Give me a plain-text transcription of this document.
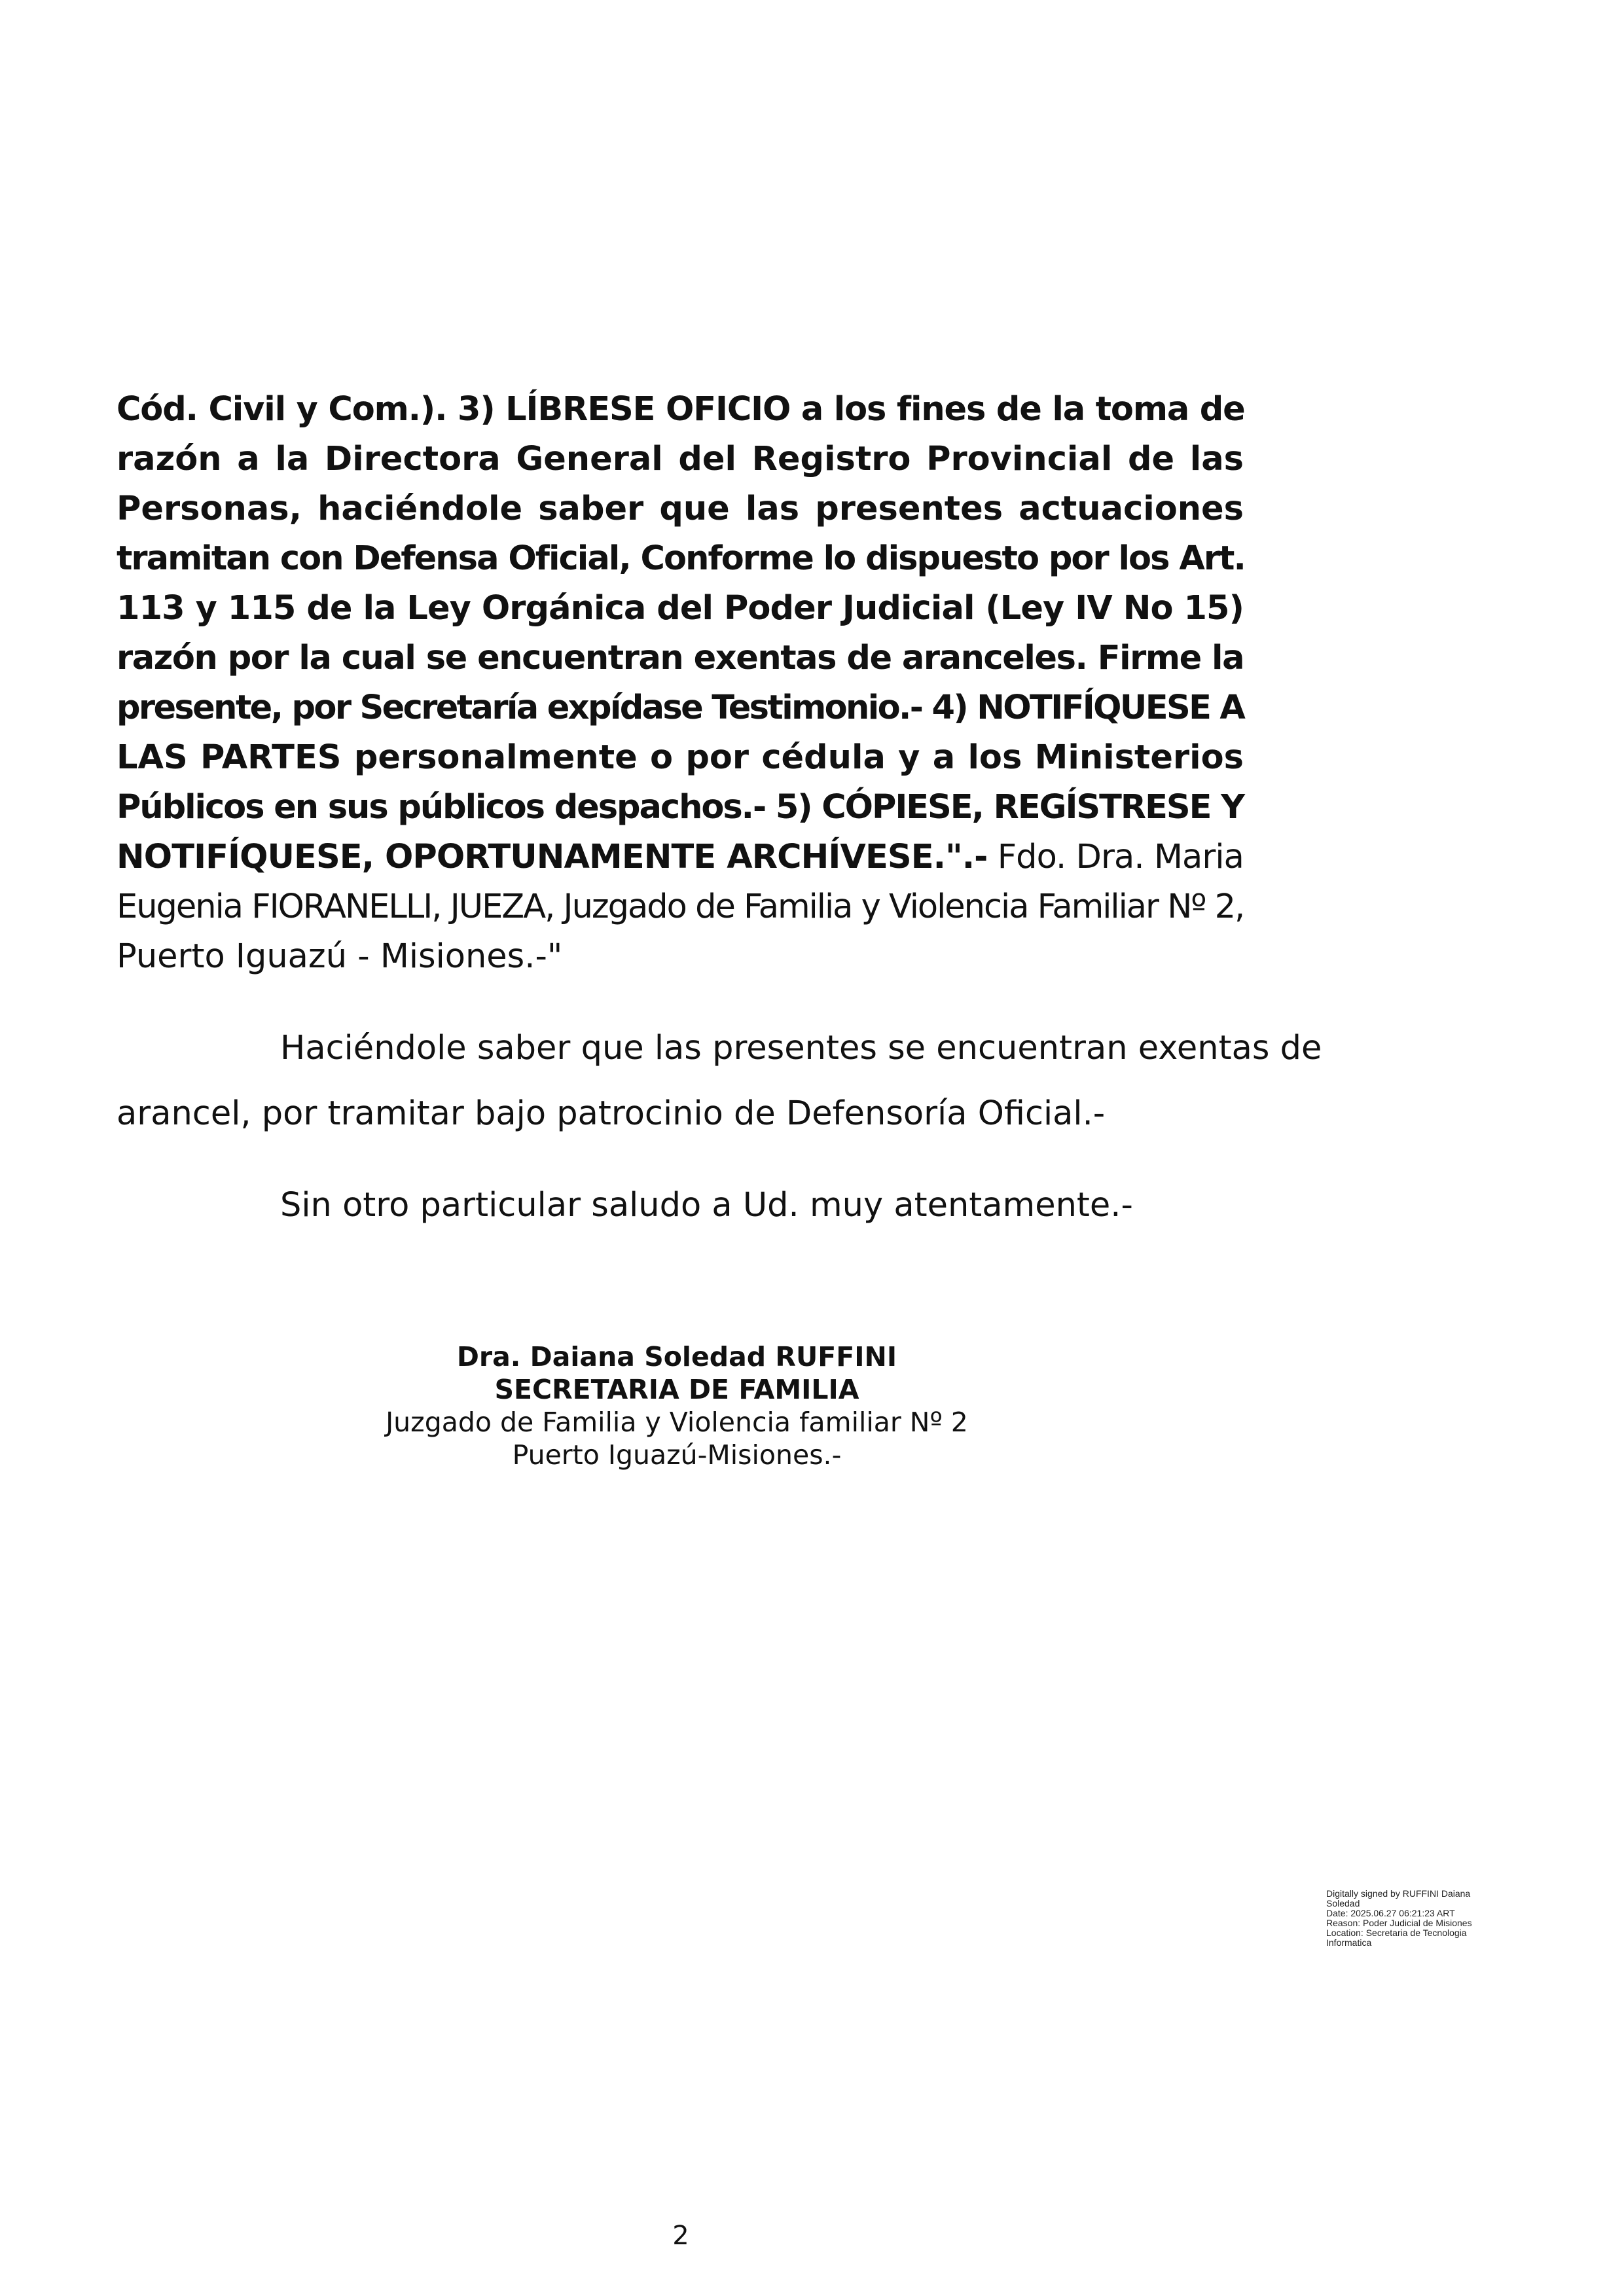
Cód. Civil y Com.). 3) LÍBRESE OFICIO a los fines de la toma de
razón a la Directora General del Registro Provincial de las
Personas, haciéndole saber que las presentes actuaciones
tramitan con Defensa Oficial, Conforme lo dispuesto por los Art.
113 y 115 de la Ley Orgánica del Poder Judicial (Ley IV No 15)
razón por la cual se encuentran exentas de aranceles. Firme la
presente, por Secretaría expídase Testimonio.- 4) NOTIFÍQUESE A
LAS PARTES personalmente o por cédula y a los Ministerios
Públicos en sus públicos despachos.- 5) CÓPIESE, REGÍSTRESE Y
NOTIFÍQUESE, OPORTUNAMENTE ARCHÍVESE.".- Fdo. Dra. Maria
Eugenia FIORANELLI, JUEZA, Juzgado de Familia y Violencia Familiar Nº 2,
Puerto Iguazú - Misiones.-"

Haciéndole saber que las presentes se encuentran exentas de

arancel, por tramitar bajo patrocinio de Defensoría Oficial.-

Sin otro particular saludo a Ud. muy atentamente.-

Dra. Daiana Soledad RUFFINI
SECRETARIA DE FAMILIA
Juzgado de Familia y Violencia familiar Nº 2
Puerto Iguazú-Misiones.-
Digitally signed by RUFFINI Daiana
Soledad
Date: 2025.06.27 06:21:23 ART
Reason: Poder Judicial de Misiones
Location: Secretaria de Tecnologia
Informatica
2
